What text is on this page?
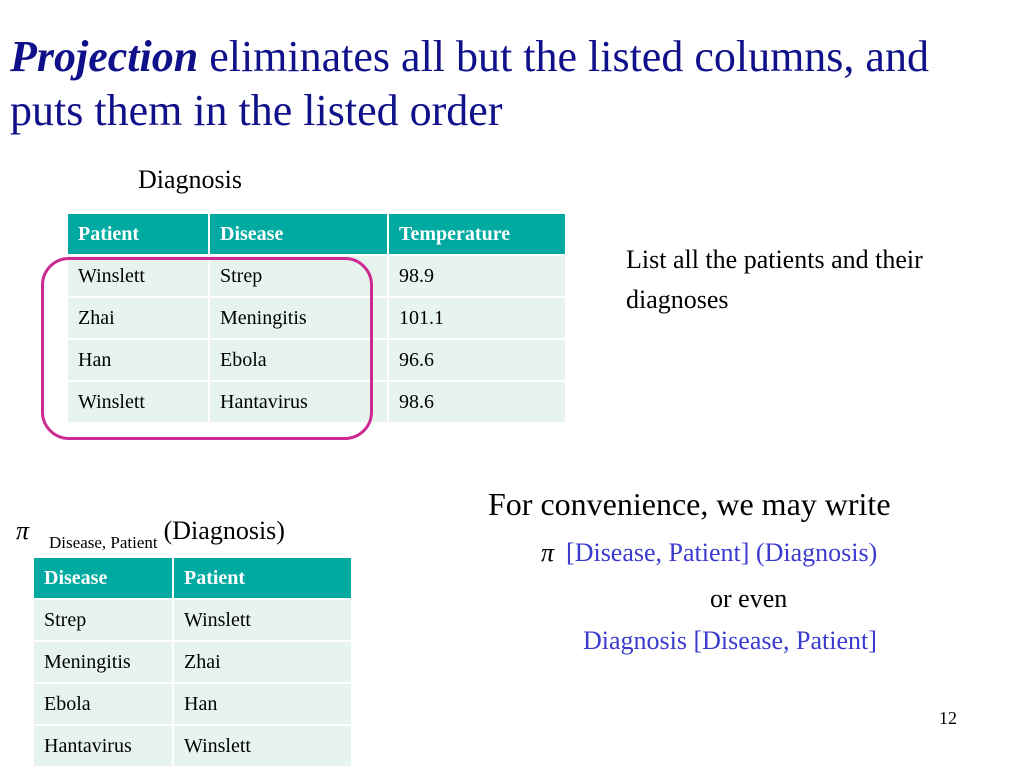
Projection eliminates all but the listed columns, and puts them in the listed order
Diagnosis
Patient	Disease	Temperature
Winslett	Strep	98.9
Zhai	Meningitis	101.1
Han	Ebola	96.6
Winslett	Hantavirus	98.6
List all the patients and their diagnoses
π $_{Disease, Patient}$ (Diagnosis)
Disease	Patient
Strep	Winslett
Meningitis	Zhai
Ebola	Han
Hantavirus	Winslett
For convenience, we may write
π [Disease, Patient] (Diagnosis)
or even
Diagnosis [Disease, Patient]
12
